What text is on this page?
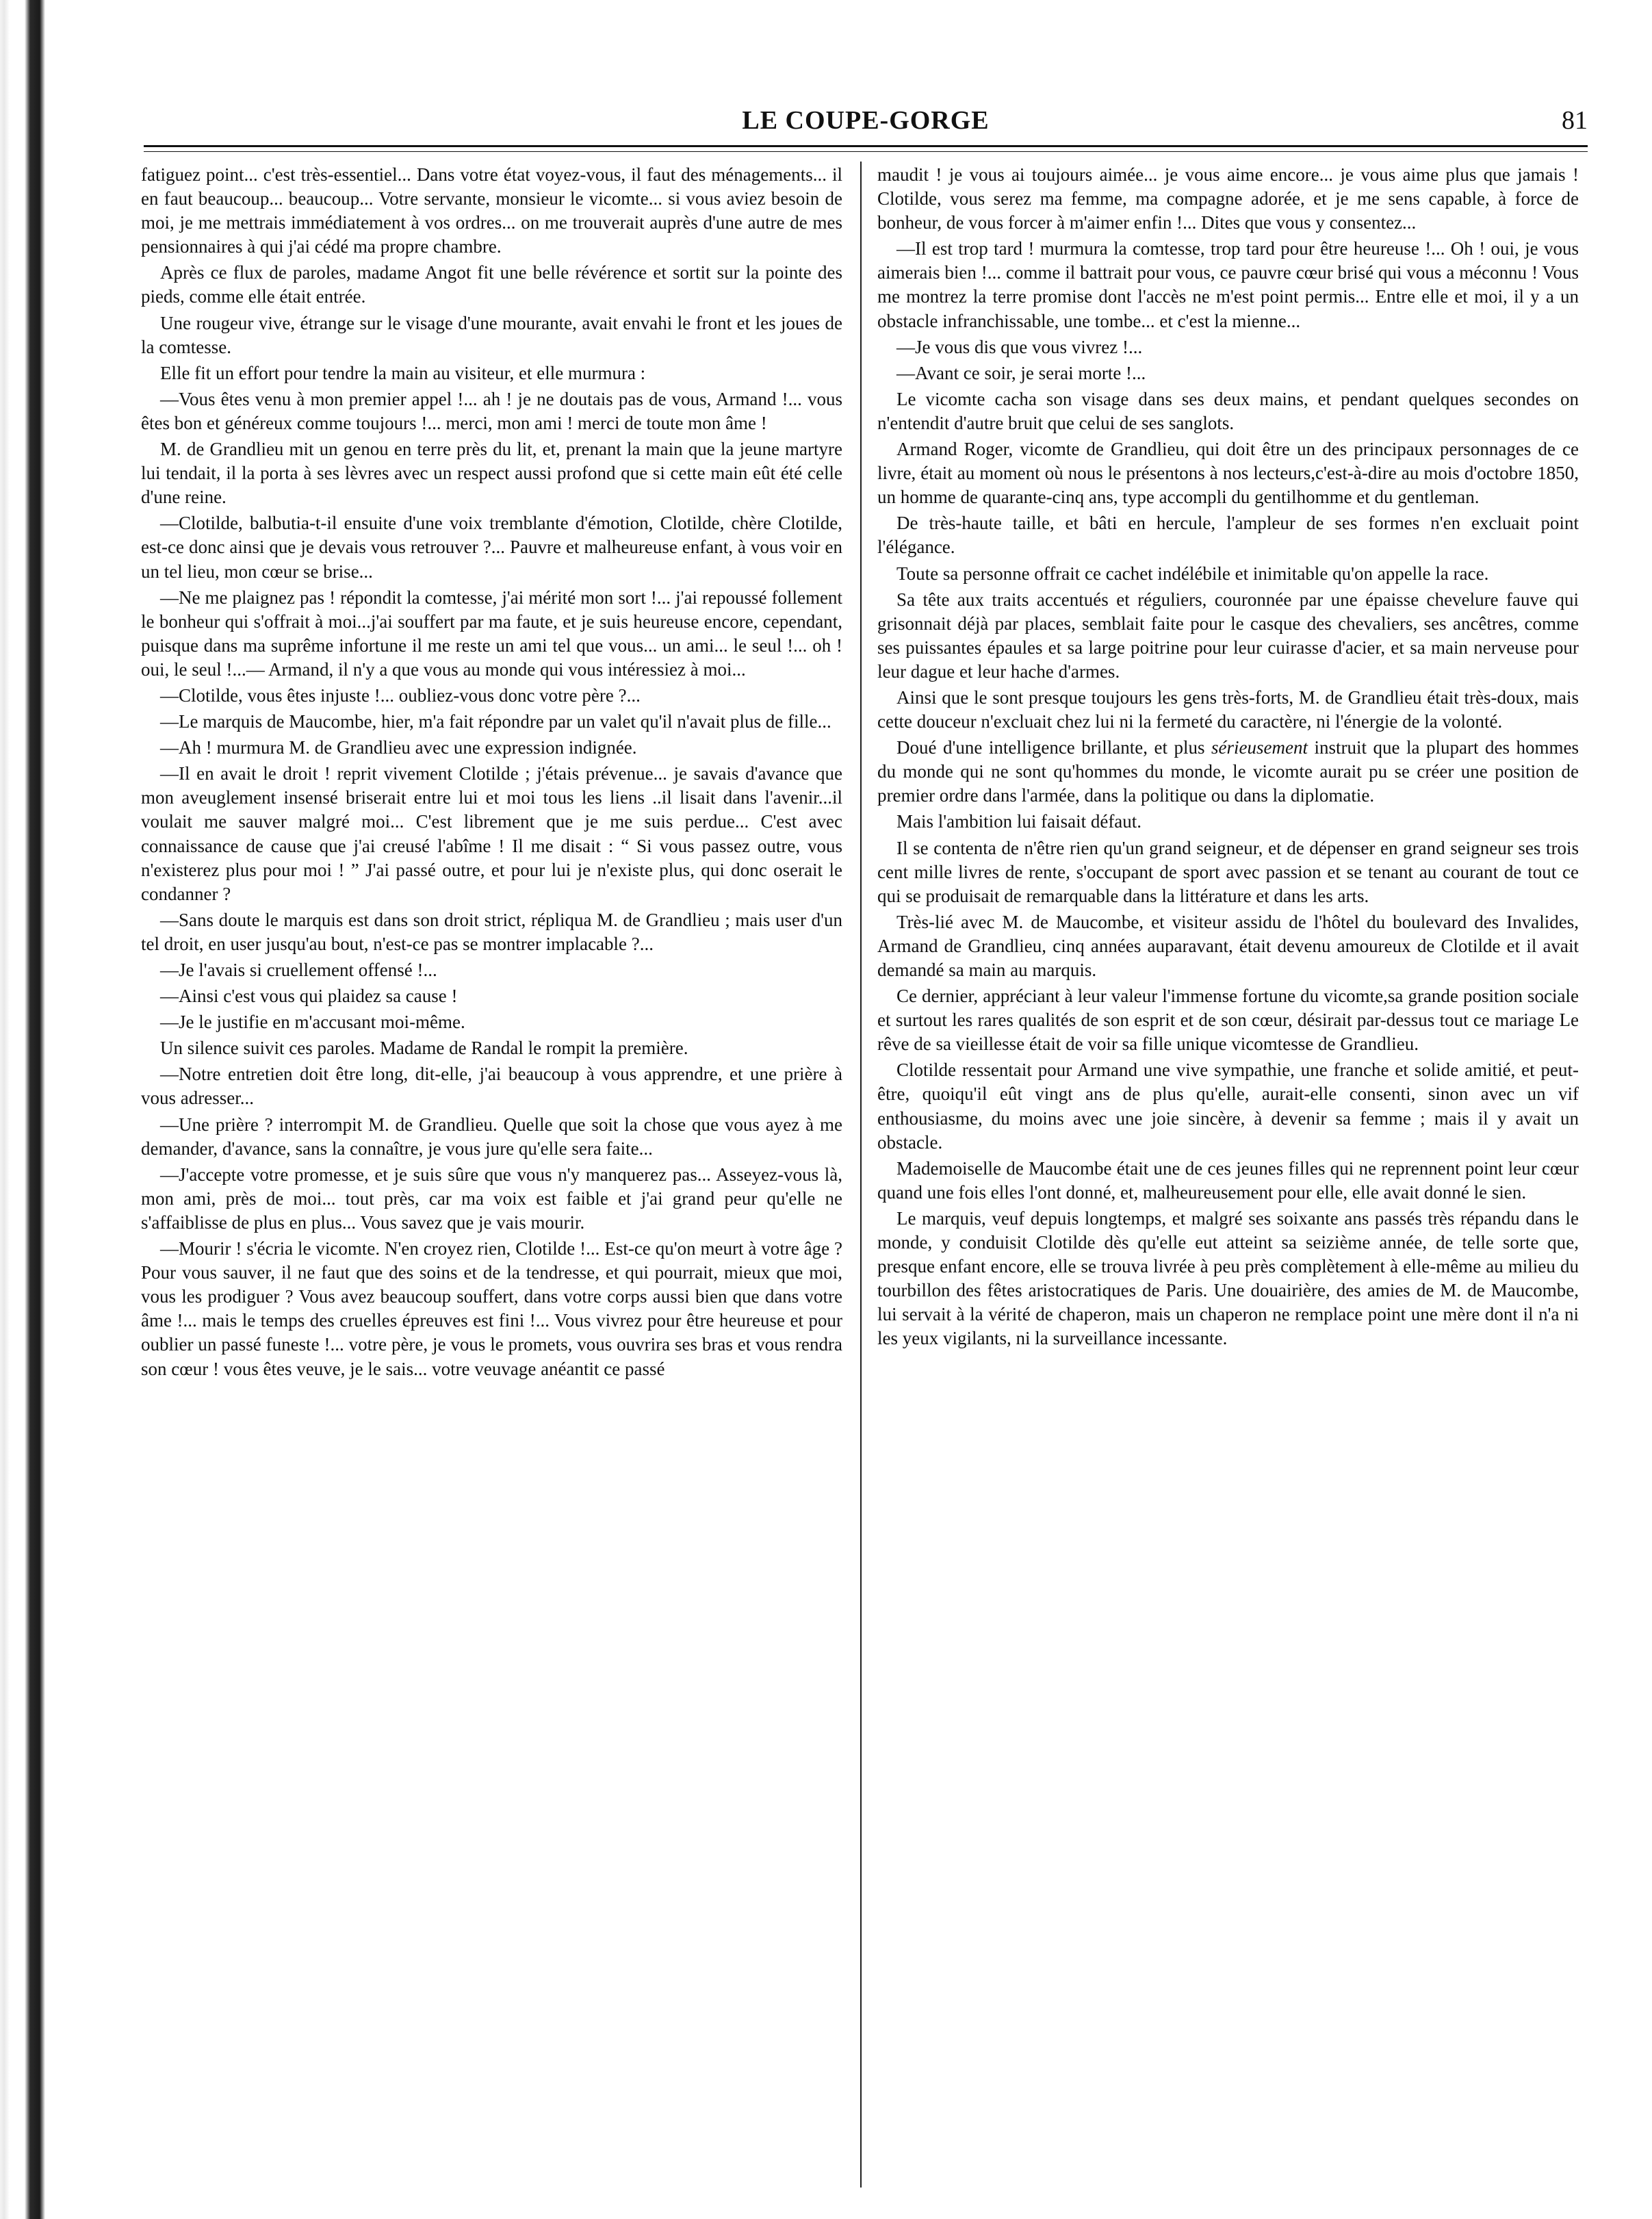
LE COUPE-GORGE	81

fatiguez point... c'est très-essentiel... Dans votre état voyez-vous, il faut des ménagements... il en faut beaucoup... beaucoup... Votre servante, monsieur le vicomte... si vous aviez besoin de moi, je me mettrais immédiatement à vos ordres... on me trouverait auprès d'une autre de mes pensionnaires à qui j'ai cédé ma propre chambre.

Après ce flux de paroles, madame Angot fit une belle révérence et sortit sur la pointe des pieds, comme elle était entrée.

Une rougeur vive, étrange sur le visage d'une mourante, avait envahi le front et les joues de la comtesse.

Elle fit un effort pour tendre la main au visiteur, et elle murmura :

—Vous êtes venu à mon premier appel !... ah ! je ne doutais pas de vous, Armand !... vous êtes bon et généreux comme toujours !... merci, mon ami ! merci de toute mon âme !

M. de Grandlieu mit un genou en terre près du lit, et, prenant la main que la jeune martyre lui tendait, il la porta à ses lèvres avec un respect aussi profond que si cette main eût été celle d'une reine.

—Clotilde, balbutia-t-il ensuite d'une voix tremblante d'émotion, Clotilde, chère Clotilde, est-ce donc ainsi que je devais vous retrouver ?... Pauvre et malheureuse enfant, à vous voir en un tel lieu, mon cœur se brise...

—Ne me plaignez pas ! répondit la comtesse, j'ai mérité mon sort !... j'ai repoussé follement le bonheur qui s'offrait à moi...j'ai souffert par ma faute, et je suis heureuse encore, cependant, puisque dans ma suprême infortune il me reste un ami tel que vous... un ami... le seul !... oh ! oui, le seul !...— Armand, il n'y a que vous au monde qui vous intéressiez à moi...

—Clotilde, vous êtes injuste !... oubliez-vous donc votre père ?...

—Le marquis de Maucombe, hier, m'a fait répondre par un valet qu'il n'avait plus de fille...

—Ah ! murmura M. de Grandlieu avec une expression indignée.

—Il en avait le droit ! reprit vivement Clotilde ; j'étais prévenue... je savais d'avance que mon aveuglement insensé briserait entre lui et moi tous les liens ..il lisait dans l'avenir...il voulait me sauver malgré moi... C'est librement que je me suis perdue... C'est avec connaissance de cause que j'ai creusé l'abîme ! Il me disait : “ Si vous passez outre, vous n'existerez plus pour moi ! ” J'ai passé outre, et pour lui je n'existe plus, qui donc oserait le condanner ?

—Sans doute le marquis est dans son droit strict, répliqua M. de Grandlieu ; mais user d'un tel droit, en user jusqu'au bout, n'est-ce pas se montrer implacable ?...

—Je l'avais si cruellement offensé !...

—Ainsi c'est vous qui plaidez sa cause !

—Je le justifie en m'accusant moi-même.

Un silence suivit ces paroles. Madame de Randal le rompit la première.

—Notre entretien doit être long, dit-elle, j'ai beaucoup à vous apprendre, et une prière à vous adresser...

—Une prière ? interrompit M. de Grandlieu. Quelle que soit la chose que vous ayez à me demander, d'avance, sans la connaître, je vous jure qu'elle sera faite...

—J'accepte votre promesse, et je suis sûre que vous n'y manquerez pas... Asseyez-vous là, mon ami, près de moi... tout près, car ma voix est faible et j'ai grand peur qu'elle ne s'affaiblisse de plus en plus... Vous savez que je vais mourir.

—Mourir ! s'écria le vicomte. N'en croyez rien, Clotilde !... Est-ce qu'on meurt à votre âge ? Pour vous sauver, il ne faut que des soins et de la tendresse, et qui pourrait, mieux que moi, vous les prodiguer ? Vous avez beaucoup souffert, dans votre corps aussi bien que dans votre âme !... mais le temps des cruelles épreuves est fini !... Vous vivrez pour être heureuse et pour oublier un passé funeste !... votre père, je vous le promets, vous ouvrira ses bras et vous rendra son cœur ! vous êtes veuve, je le sais... votre veuvage anéantit ce passé

maudit ! je vous ai toujours aimée... je vous aime encore... je vous aime plus que jamais ! Clotilde, vous serez ma femme, ma compagne adorée, et je me sens capable, à force de bonheur, de vous forcer à m'aimer enfin !... Dites que vous y consentez...

—Il est trop tard ! murmura la comtesse, trop tard pour être heureuse !... Oh ! oui, je vous aimerais bien !... comme il battrait pour vous, ce pauvre cœur brisé qui vous a méconnu ! Vous me montrez la terre promise dont l'accès ne m'est point permis... Entre elle et moi, il y a un obstacle infranchissable, une tombe... et c'est la mienne...

—Je vous dis que vous vivrez !...

—Avant ce soir, je serai morte !...

Le vicomte cacha son visage dans ses deux mains, et pendant quelques secondes on n'entendit d'autre bruit que celui de ses sanglots.

Armand Roger, vicomte de Grandlieu, qui doit être un des principaux personnages de ce livre, était au moment où nous le présentons à nos lecteurs,c'est-à-dire au mois d'octobre 1850, un homme de quarante-cinq ans, type accompli du gentilhomme et du gentleman.

De très-haute taille, et bâti en hercule, l'ampleur de ses formes n'en excluait point l'élégance.

Toute sa personne offrait ce cachet indélébile et inimitable qu'on appelle la race.

Sa tête aux traits accentués et réguliers, couronnée par une épaisse chevelure fauve qui grisonnait déjà par places, semblait faite pour le casque des chevaliers, ses ancêtres, comme ses puissantes épaules et sa large poitrine pour leur cuirasse d'acier, et sa main nerveuse pour leur dague et leur hache d'armes.

Ainsi que le sont presque toujours les gens très-forts, M. de Grandlieu était très-doux, mais cette douceur n'excluait chez lui ni la fermeté du caractère, ni l'énergie de la volonté.

Doué d'une intelligence brillante, et plus sérieusement instruit que la plupart des hommes du monde qui ne sont qu'hommes du monde, le vicomte aurait pu se créer une position de premier ordre dans l'armée, dans la politique ou dans la diplomatie.

Mais l'ambition lui faisait défaut.

Il se contenta de n'être rien qu'un grand seigneur, et de dépenser en grand seigneur ses trois cent mille livres de rente, s'occupant de sport avec passion et se tenant au courant de tout ce qui se produisait de remarquable dans la littérature et dans les arts.

Très-lié avec M. de Maucombe, et visiteur assidu de l'hôtel du boulevard des Invalides, Armand de Grandlieu, cinq années auparavant, était devenu amoureux de Clotilde et il avait demandé sa main au marquis.

Ce dernier, appréciant à leur valeur l'immense fortune du vicomte,sa grande position sociale et surtout les rares qualités de son esprit et de son cœur, désirait par-dessus tout ce mariage Le rêve de sa vieillesse était de voir sa fille unique vicomtesse de Grandlieu.

Clotilde ressentait pour Armand une vive sympathie, une franche et solide amitié, et peut-être, quoiqu'il eût vingt ans de plus qu'elle, aurait-elle consenti, sinon avec un vif enthousiasme, du moins avec une joie sincère, à devenir sa femme ; mais il y avait un obstacle.

Mademoiselle de Maucombe était une de ces jeunes filles qui ne reprennent point leur cœur quand une fois elles l'ont donné, et, malheureusement pour elle, elle avait donné le sien.

Le marquis, veuf depuis longtemps, et malgré ses soixante ans passés très répandu dans le monde, y conduisit Clotilde dès qu'elle eut atteint sa seizième année, de telle sorte que, presque enfant encore, elle se trouva livrée à peu près complètement à elle-même au milieu du tourbillon des fêtes aristocratiques de Paris. Une douairière, des amies de M. de Maucombe, lui servait à la vérité de chaperon, mais un chaperon ne remplace point une mère dont il n'a ni les yeux vigilants, ni la surveillance incessante.
